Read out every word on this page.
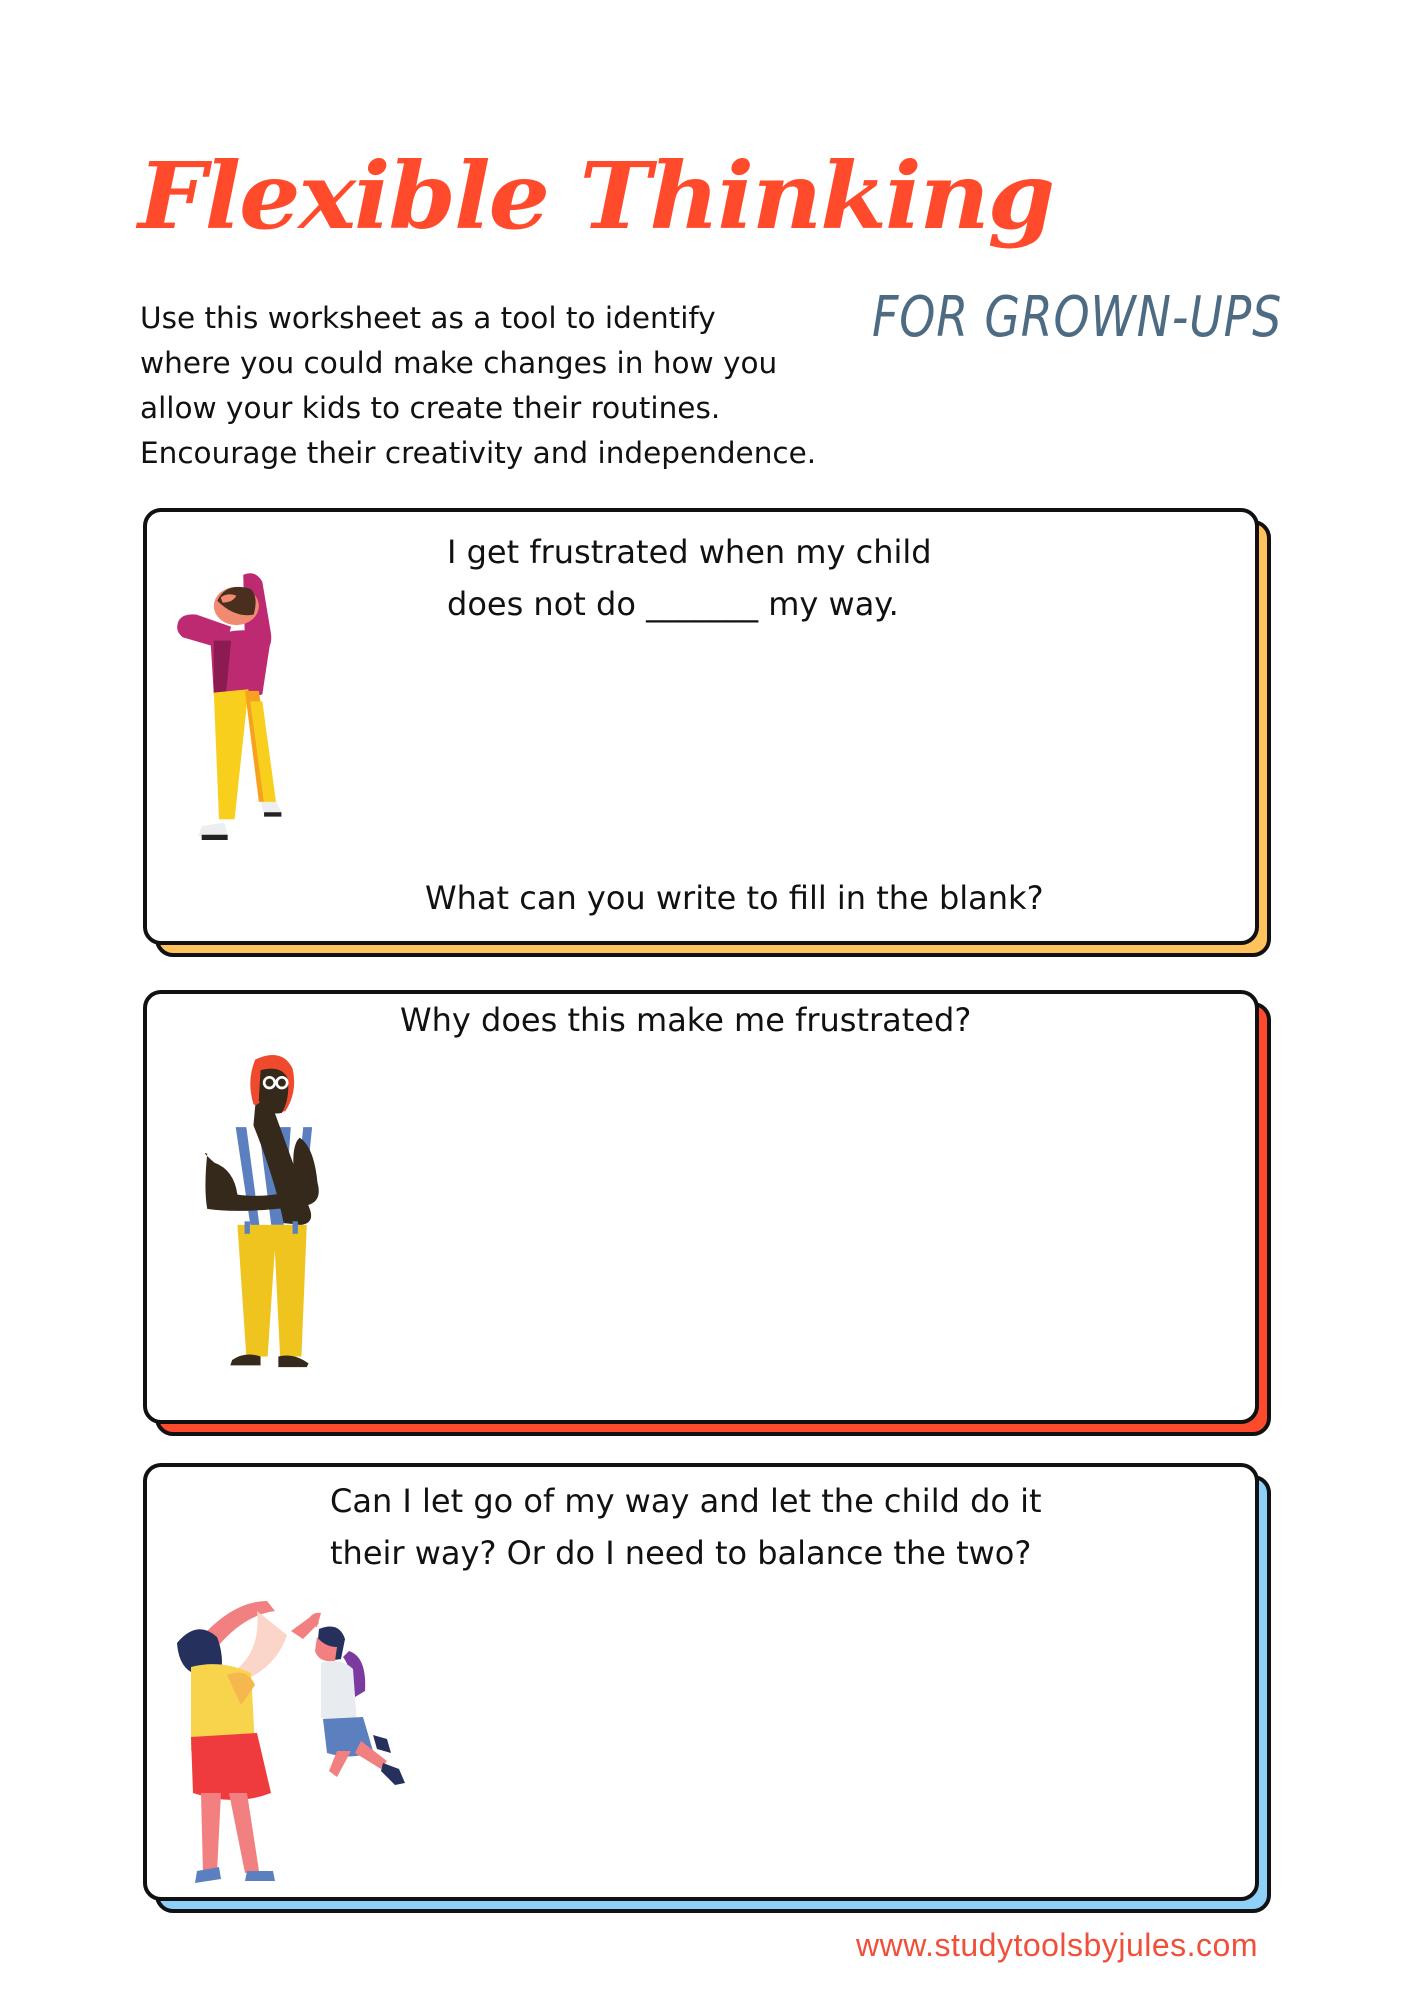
Flexible Thinking
FOR GROWN-UPS
Use this worksheet as a tool to identify
where you could make changes in how you
allow your kids to create their routines.
Encourage their creativity and independence.
I get frustrated when my child
does not do _______ my way.
What can you write to fill in the blank?
Why does this make me frustrated?
Can I let go of my way and let the child do it
their way? Or do I need to balance the two?
www.studytoolsbyjules.com
